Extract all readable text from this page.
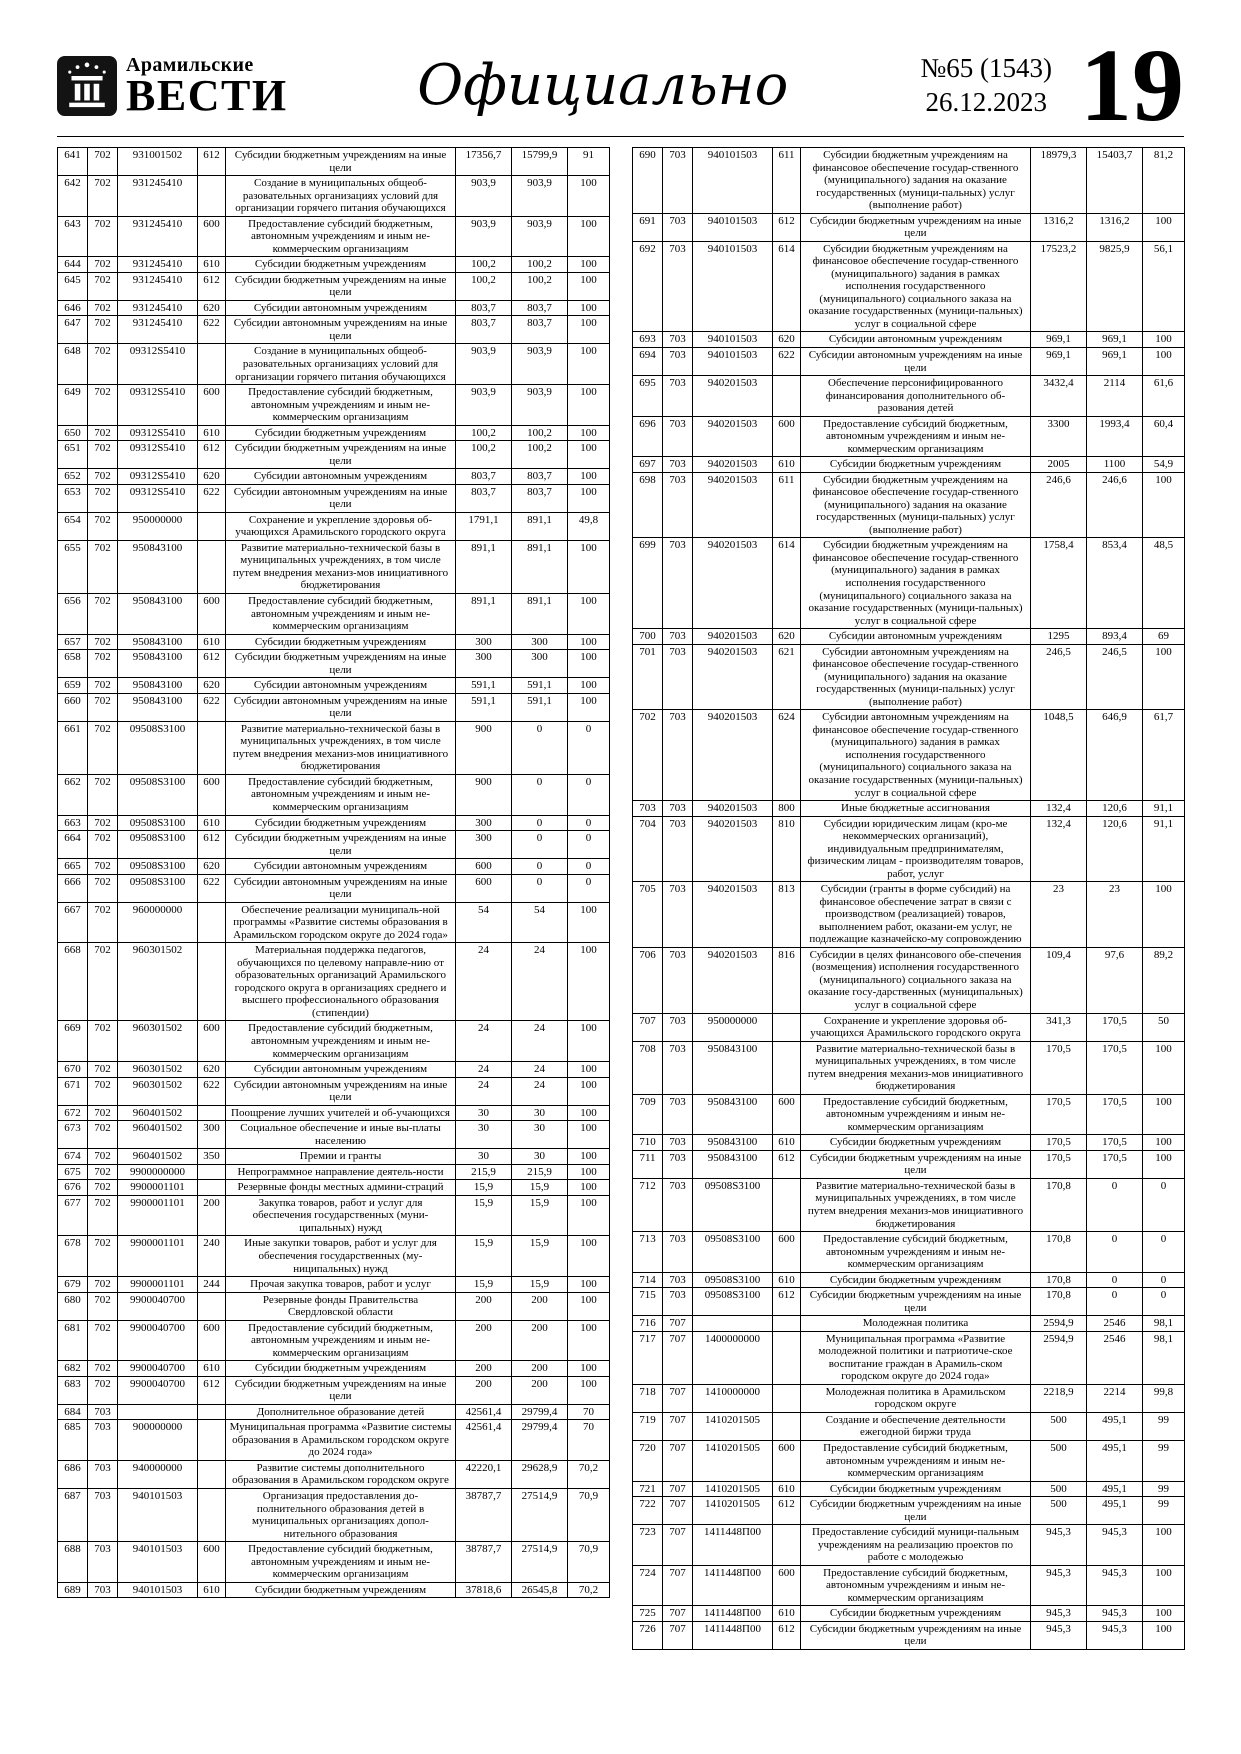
Арамильские
ВЕСТИ	Официально	№65 (1543)
26.12.2023 19
641	702	931001502	612	Субсидии бюджетным учреждениям на иные цели	17356,7	15799,9	91
642	702	931245410		Создание в муниципальных общеоб-разовательных организациях условий для организации горячего питания обучающихся	903,9	903,9	100
643	702	931245410	600	Предоставление субсидий бюджетным, автономным учреждениям и иным не-коммерческим организациям	903,9	903,9	100
644	702	931245410	610	Субсидии бюджетным учреждениям	100,2	100,2	100
645	702	931245410	612	Субсидии бюджетным учреждениям на иные цели	100,2	100,2	100
646	702	931245410	620	Субсидии автономным учреждениям	803,7	803,7	100
647	702	931245410	622	Субсидии автономным учреждениям на иные цели	803,7	803,7	100
648	702	09312S5410		Создание в муниципальных общеоб-разовательных организациях условий для организации горячего питания обучающихся	903,9	903,9	100
649	702	09312S5410	600	Предоставление субсидий бюджетным, автономным учреждениям и иным не-коммерческим организациям	903,9	903,9	100
650	702	09312S5410	610	Субсидии бюджетным учреждениям	100,2	100,2	100
651	702	09312S5410	612	Субсидии бюджетным учреждениям на иные цели	100,2	100,2	100
652	702	09312S5410	620	Субсидии автономным учреждениям	803,7	803,7	100
653	702	09312S5410	622	Субсидии автономным учреждениям на иные цели	803,7	803,7	100
654	702	950000000		Сохранение и укрепление здоровья об-учающихся Арамильского городского округа	1791,1	891,1	49,8
655	702	950843100		Развитие материально-технической базы в муниципальных учреждениях, в том числе путем внедрения механиз-мов инициативного бюджетирования	891,1	891,1	100
656	702	950843100	600	Предоставление субсидий бюджетным, автономным учреждениям и иным не-коммерческим организациям	891,1	891,1	100
657	702	950843100	610	Субсидии бюджетным учреждениям	300	300	100
658	702	950843100	612	Субсидии бюджетным учреждениям на иные цели	300	300	100
659	702	950843100	620	Субсидии автономным учреждениям	591,1	591,1	100
660	702	950843100	622	Субсидии автономным учреждениям на иные цели	591,1	591,1	100
661	702	09508S3100		Развитие материально-технической базы в муниципальных учреждениях, в том числе путем внедрения механиз-мов инициативного бюджетирования	900	0	0
662	702	09508S3100	600	Предоставление субсидий бюджетным, автономным учреждениям и иным не-коммерческим организациям	900	0	0
663	702	09508S3100	610	Субсидии бюджетным учреждениям	300	0	0
664	702	09508S3100	612	Субсидии бюджетным учреждениям на иные цели	300	0	0
665	702	09508S3100	620	Субсидии автономным учреждениям	600	0	0
666	702	09508S3100	622	Субсидии автономным учреждениям на иные цели	600	0	0
667	702	960000000		Обеспечение реализации муниципаль-ной программы «Развитие системы образования в Арамильском городском округе до 2024 года»	54	54	100
668	702	960301502		Материальная поддержка педагогов, обучающихся по целевому направле-нию от образовательных организаций Арамильского городского округа в организациях среднего и высшего профессионального образования (стипендии)	24	24	100
669	702	960301502	600	Предоставление субсидий бюджетным, автономным учреждениям и иным не-коммерческим организациям	24	24	100
670	702	960301502	620	Субсидии автономным учреждениям	24	24	100
671	702	960301502	622	Субсидии автономным учреждениям на иные цели	24	24	100
672	702	960401502		Поощрение лучших учителей и об-учающихся	30	30	100
673	702	960401502	300	Социальное обеспечение и иные вы-платы населению	30	30	100
674	702	960401502	350	Премии и гранты	30	30	100
675	702	9900000000		Непрограммное направление деятель-ности	215,9	215,9	100
676	702	9900001101		Резервные фонды местных админи-страций	15,9	15,9	100
677	702	9900001101	200	Закупка товаров, работ и услуг для обеспечения государственных (муни-ципальных) нужд	15,9	15,9	100
678	702	9900001101	240	Иные закупки товаров, работ и услуг для обеспечения государственных (му-ниципальных) нужд	15,9	15,9	100
679	702	9900001101	244	Прочая закупка товаров, работ и услуг	15,9	15,9	100
680	702	9900040700		Резервные фонды Правительства Свердловской области	200	200	100
681	702	9900040700	600	Предоставление субсидий бюджетным, автономным учреждениям и иным не-коммерческим организациям	200	200	100
682	702	9900040700	610	Субсидии бюджетным учреждениям	200	200	100
683	702	9900040700	612	Субсидии бюджетным учреждениям на иные цели	200	200	100
684	703			Дополнительное образование детей	42561,4	29799,4	70
685	703	900000000		Муниципальная программа «Развитие системы образования в Арамильском городском округе до 2024 года»	42561,4	29799,4	70
686	703	940000000		Развитие системы дополнительного образования в Арамильском городском округе	42220,1	29628,9	70,2
687	703	940101503		Организация предоставления до-полнительного образования детей в муниципальных организациях допол-нительного образования	38787,7	27514,9	70,9
688	703	940101503	600	Предоставление субсидий бюджетным, автономным учреждениям и иным не-коммерческим организациям	38787,7	27514,9	70,9
689	703	940101503	610	Субсидии бюджетным учреждениям	37818,6	26545,8	70,2
690	703	940101503	611	Субсидии бюджетным учреждениям на финансовое обеспечение государ-ственного (муниципального) задания на оказание государственных (муници-пальных) услуг (выполнение работ)	18979,3	15403,7	81,2
691	703	940101503	612	Субсидии бюджетным учреждениям на иные цели	1316,2	1316,2	100
692	703	940101503	614	Субсидии бюджетным учреждениям на финансовое обеспечение государ-ственного (муниципального) задания в рамках исполнения государственного (муниципального) социального заказа на оказание государственных (муници-пальных) услуг в социальной сфере	17523,2	9825,9	56,1
693	703	940101503	620	Субсидии автономным учреждениям	969,1	969,1	100
694	703	940101503	622	Субсидии автономным учреждениям на иные цели	969,1	969,1	100
695	703	940201503		Обеспечение персонифицированного финансирования дополнительного об-разования детей	3432,4	2114	61,6
696	703	940201503	600	Предоставление субсидий бюджетным, автономным учреждениям и иным не-коммерческим организациям	3300	1993,4	60,4
697	703	940201503	610	Субсидии бюджетным учреждениям	2005	1100	54,9
698	703	940201503	611	Субсидии бюджетным учреждениям на финансовое обеспечение государ-ственного (муниципального) задания на оказание государственных (муници-пальных) услуг (выполнение работ)	246,6	246,6	100
699	703	940201503	614	Субсидии бюджетным учреждениям на финансовое обеспечение государ-ственного (муниципального) задания в рамках исполнения государственного (муниципального) социального заказа на оказание государственных (муници-пальных) услуг в социальной сфере	1758,4	853,4	48,5
700	703	940201503	620	Субсидии автономным учреждениям	1295	893,4	69
701	703	940201503	621	Субсидии автономным учреждениям на финансовое обеспечение государ-ственного (муниципального) задания на оказание государственных (муници-пальных) услуг (выполнение работ)	246,5	246,5	100
702	703	940201503	624	Субсидии автономным учреждениям на финансовое обеспечение государ-ственного (муниципального) задания в рамках исполнения государственного (муниципального) социального заказа на оказание государственных (муници-пальных) услуг в социальной сфере	1048,5	646,9	61,7
703	703	940201503	800	Иные бюджетные ассигнования	132,4	120,6	91,1
704	703	940201503	810	Субсидии юридическим лицам (кро-ме некоммерческих организаций), индивидуальным предпринимателям, физическим лицам - производителям товаров, работ, услуг	132,4	120,6	91,1
705	703	940201503	813	Субсидии (гранты в форме субсидий) на финансовое обеспечение затрат в связи с производством (реализацией) товаров, выполнением работ, оказани-ем услуг, не подлежащие казначейско-му сопровождению	23	23	100
706	703	940201503	816	Субсидии в целях финансового обе-спечения (возмещения) исполнения государственного (муниципального) социального заказа на оказание госу-дарственных (муниципальных) услуг в социальной сфере	109,4	97,6	89,2
707	703	950000000		Сохранение и укрепление здоровья об-учающихся Арамильского городского округа	341,3	170,5	50
708	703	950843100		Развитие материально-технической базы в муниципальных учреждениях, в том числе путем внедрения механиз-мов инициативного бюджетирования	170,5	170,5	100
709	703	950843100	600	Предоставление субсидий бюджетным, автономным учреждениям и иным не-коммерческим организациям	170,5	170,5	100
710	703	950843100	610	Субсидии бюджетным учреждениям	170,5	170,5	100
711	703	950843100	612	Субсидии бюджетным учреждениям на иные цели	170,5	170,5	100
712	703	09508S3100		Развитие материально-технической базы в муниципальных учреждениях, в том числе путем внедрения механиз-мов инициативного бюджетирования	170,8	0	0
713	703	09508S3100	600	Предоставление субсидий бюджетным, автономным учреждениям и иным не-коммерческим организациям	170,8	0	0
714	703	09508S3100	610	Субсидии бюджетным учреждениям	170,8	0	0
715	703	09508S3100	612	Субсидии бюджетным учреждениям на иные цели	170,8	0	0
716	707			Молодежная политика	2594,9	2546	98,1
717	707	1400000000		Муниципальная программа «Развитие молодежной политики и патриотиче-ское воспитание граждан в Арамиль-ском городском округе до 2024 года»	2594,9	2546	98,1
718	707	1410000000		Молодежная политика в Арамильском городском округе	2218,9	2214	99,8
719	707	1410201505		Создание и обеспечение деятельности ежегодной биржи труда	500	495,1	99
720	707	1410201505	600	Предоставление субсидий бюджетным, автономным учреждениям и иным не-коммерческим организациям	500	495,1	99
721	707	1410201505	610	Субсидии бюджетным учреждениям	500	495,1	99
722	707	1410201505	612	Субсидии бюджетным учреждениям на иные цели	500	495,1	99
723	707	1411448П00		Предоставление субсидий муници-пальным учреждениям на реализацию проектов по работе с молодежью	945,3	945,3	100
724	707	1411448П00	600	Предоставление субсидий бюджетным, автономным учреждениям и иным не-коммерческим организациям	945,3	945,3	100
725	707	1411448П00	610	Субсидии бюджетным учреждениям	945,3	945,3	100
726	707	1411448П00	612	Субсидии бюджетным учреждениям на иные цели	945,3	945,3	100
